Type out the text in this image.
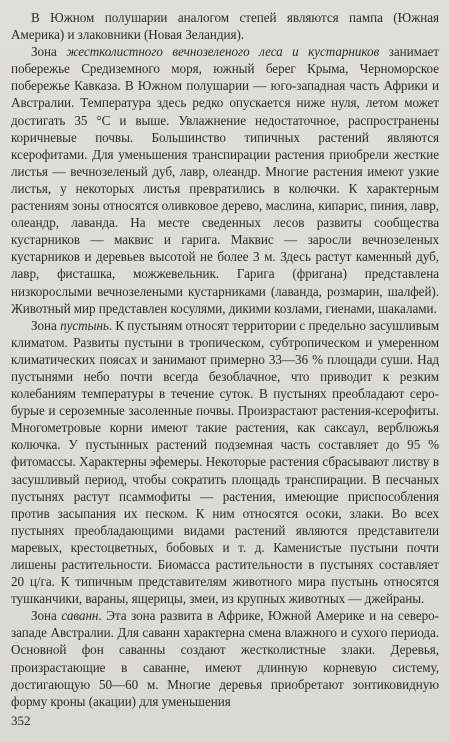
В Южном полушарии аналогом степей являются пампа (Южная Америка) и злаковники (Новая Зеландия).

Зона жестколистного вечнозеленого леса и кустарников занимает побережье Средиземного моря, южный берег Крыма, Черноморское побережье Кавказа. В Южном полушарии — юго-западная часть Африки и Австралии. Температура здесь редко опускается ниже нуля, летом может достигать 35 °С и выше. Увлажнение недостаточное, распространены коричневые почвы. Большинство типичных растений являются ксерофитами. Для уменьшения транспирации растения приобрели жесткие листья — вечнозеленый дуб, лавр, олеандр. Многие растения имеют узкие листья, у некоторых листья превратились в колючки. К характерным растениям зоны относятся оливковое дерево, маслина, кипарис, пиния, лавр, олеандр, лаванда. На месте сведенных лесов развиты сообщества кустарников — маквис и гарига. Маквис — заросли вечнозеленых кустарников и деревьев высотой не более 3 м. Здесь растут каменный дуб, лавр, фисташка, можжевельник. Гарига (фригана) представлена низкорослыми вечнозелеными кустарниками (лаванда, розмарин, шалфей). Животный мир представлен косулями, дикими козлами, гиенами, шакалами.

Зона пустынь. К пустыням относят территории с предельно засушливым климатом. Развиты пустыни в тропическом, субтропическом и умеренном климатических поясах и занимают примерно 33—36 % площади суши. Над пустынями небо почти всегда безоблачное, что приводит к резким колебаниям температуры в течение суток. В пустынях преобладают серо-бурые и сероземные засоленные почвы. Произрастают растения-ксерофиты. Многометровые корни имеют такие растения, как саксаул, верблюжья колючка. У пустынных растений подземная часть составляет до 95 % фитомассы. Характерны эфемеры. Некоторые растения сбрасывают листву в засушливый период, чтобы сократить площадь транспирации. В песчаных пустынях растут псаммофиты — растения, имеющие приспособления против засыпания их песком. К ним относятся осоки, злаки. Во всех пустынях преобладающими видами растений являются представители маревых, крестоцветных, бобовых и т. д. Каменистые пустыни почти лишены растительности. Биомасса растительности в пустынях составляет 20 ц/га. К типичным представителям животного мира пустынь относятся тушканчики, вараны, ящерицы, змеи, из крупных животных — джейраны.

Зона саванн. Эта зона развита в Африке, Южной Америке и на северо-западе Австралии. Для саванн характерна смена влажного и сухого периода. Основной фон саванны создают жестколистные злаки. Деревья, произрастающие в саванне, имеют длинную корневую систему, достигающую 50—60 м. Многие деревья приобретают зонтиковидную форму кроны (акации) для уменьшения

352
